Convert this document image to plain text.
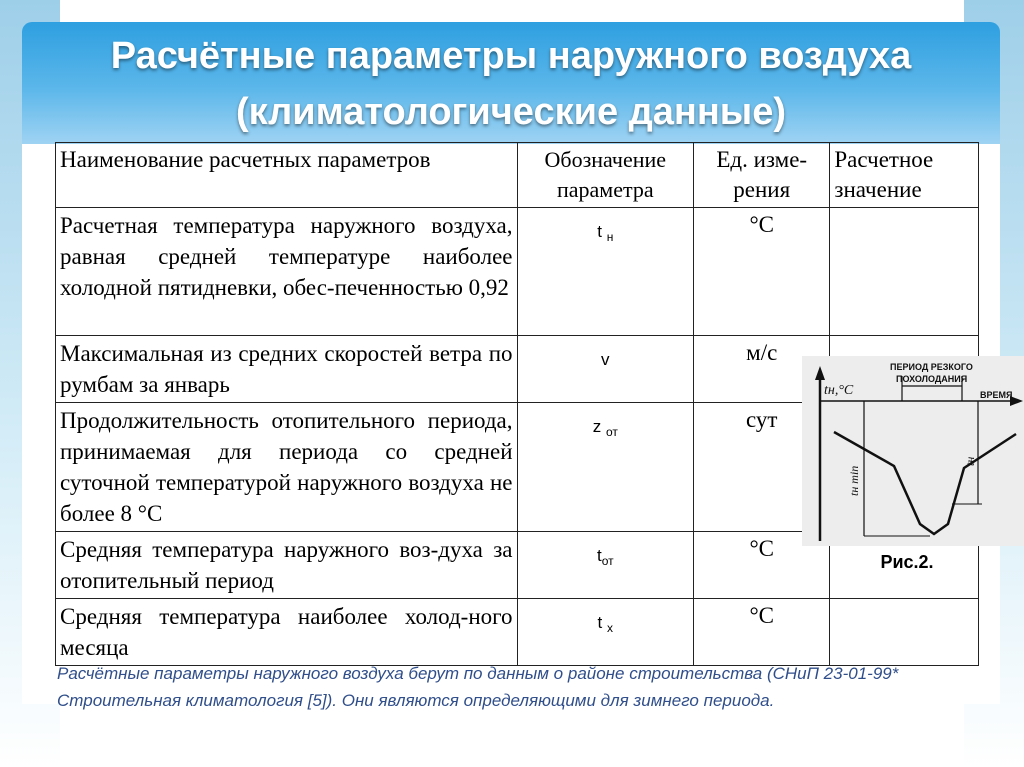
Расчётные параметры наружного воздуха (климатологические данные)
Наименование расчетных параметров	Обозначение параметра	Ед. изме-рения	Расчетное значение
Расчетная температура наружного воздуха, равная средней температуре наиболее холодной пятидневки, обес-печенностью 0,92	t $_н$	°С	
Максимальная из средних скоростей ветра по румбам за январь	v	м/с	
Продолжительность отопительного периода, принимаемая для периода со средней суточной температурой наружного воздуха не более 8 °С	z $_{от}$	сут	
Средняя температура наружного воз-духа за отопительный период	$t_{от}$	°С	
Средняя температура наиболее холод-ного месяца	t $_х$	°С	
ПЕРИОД РЕЗКОГО
ПОХОЛОДАНИЯ
ВРЕМЯ
tн,°C
tн min
tн
Рис.2.

Расчётные параметры наружного воздуха берут по данным о районе строительства (СНиП 23-01-99* Строительная климатология [5]). Они являются определяющими для зимнего периода.
